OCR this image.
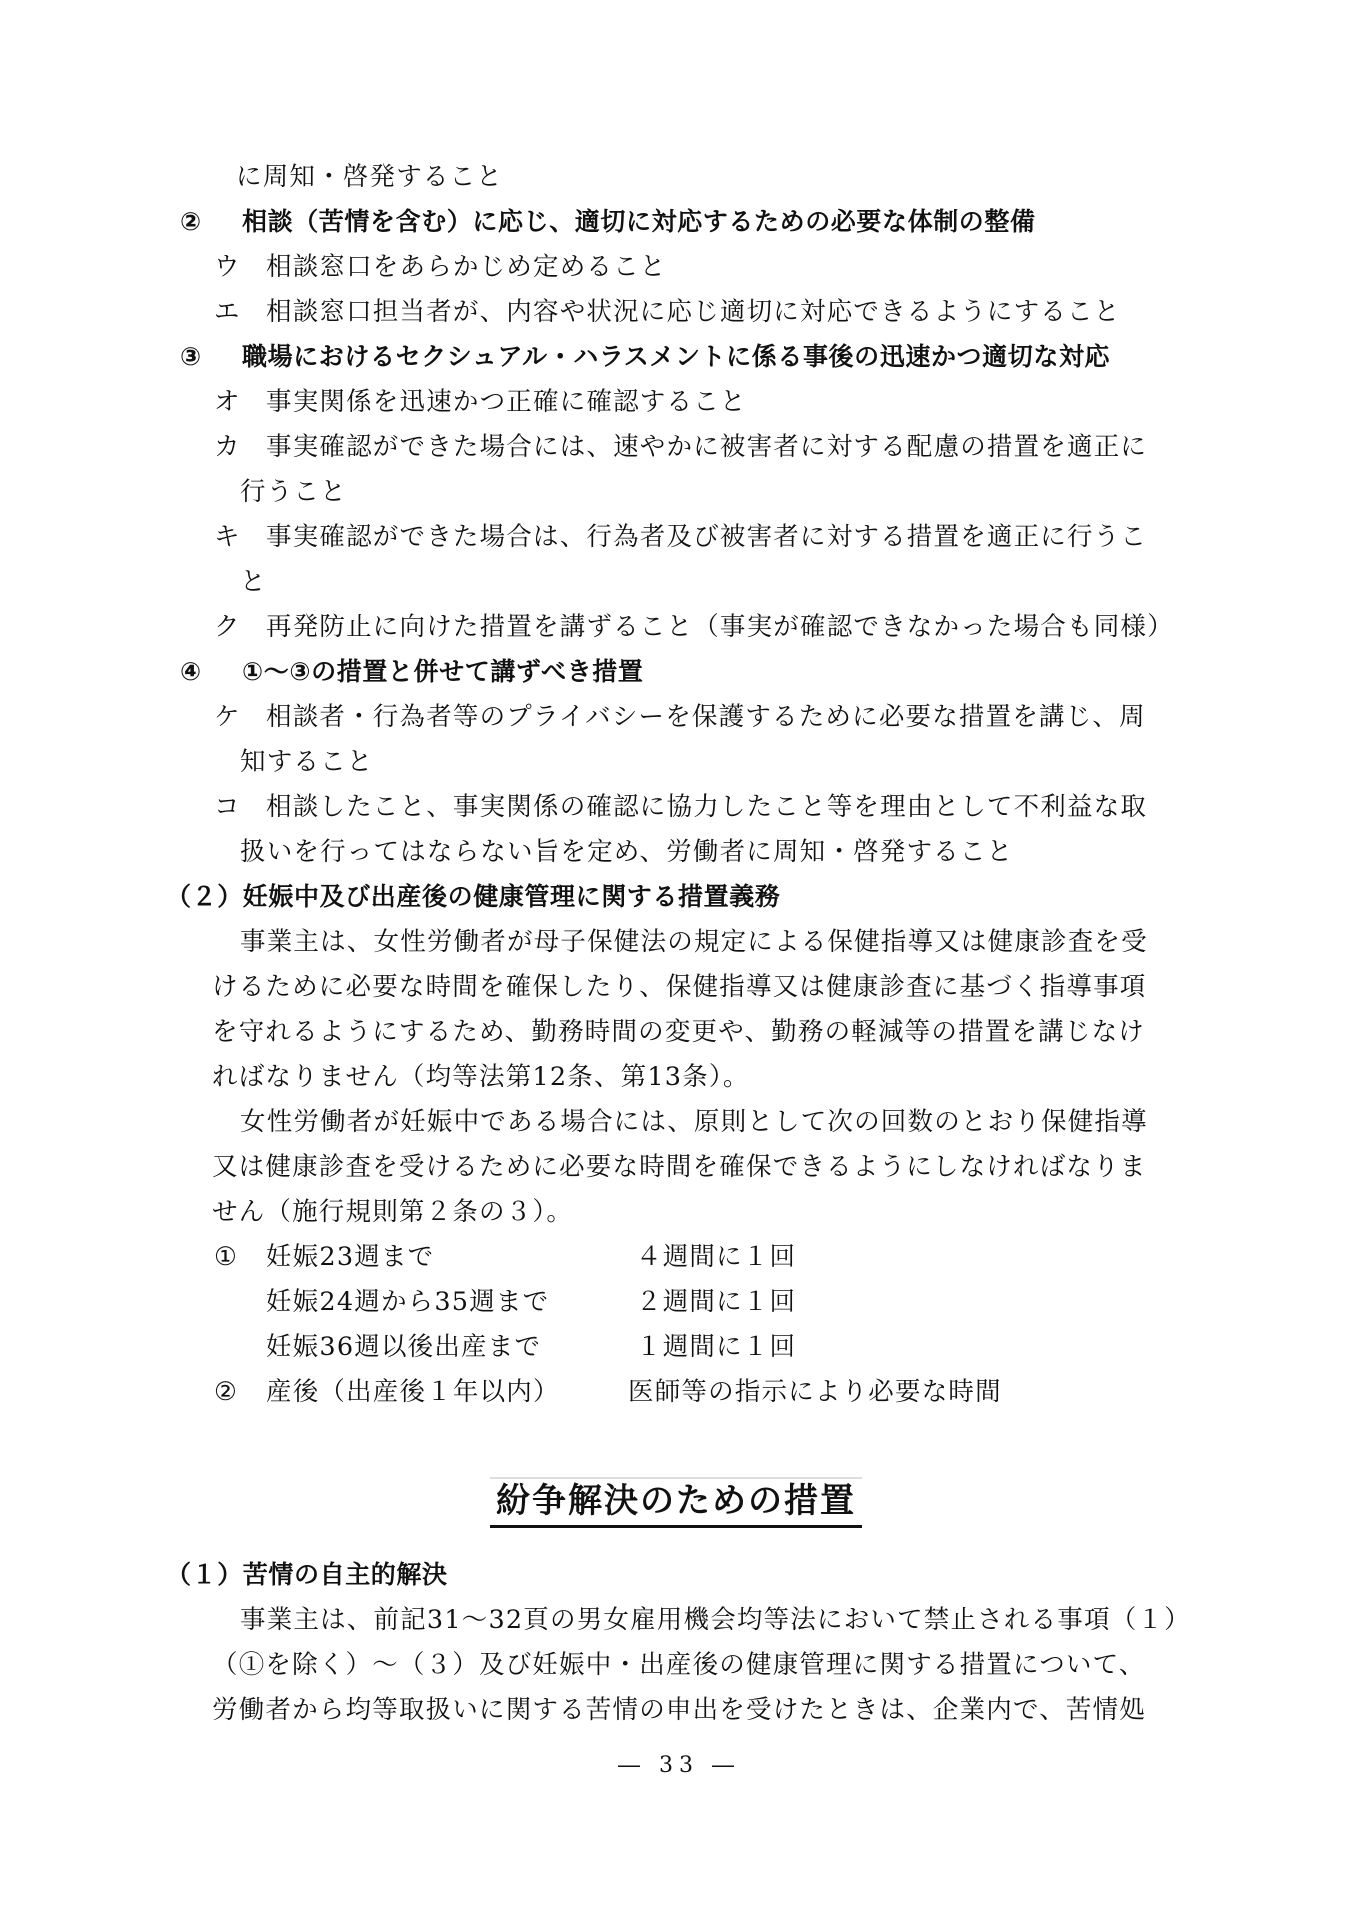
に周知・啓発すること
② 相談（苦情を含む）に応じ、適切に対応するための必要な体制の整備
ウ 相談窓口をあらかじめ定めること
エ 相談窓口担当者が、内容や状況に応じ適切に対応できるようにすること
③ 職場におけるセクシュアル・ハラスメントに係る事後の迅速かつ適切な対応
オ 事実関係を迅速かつ正確に確認すること
カ 事実確認ができた場合には、速やかに被害者に対する配慮の措置を適正に
行うこと
キ 事実確認ができた場合は、行為者及び被害者に対する措置を適正に行うこ
と
ク 再発防止に向けた措置を講ずること（事実が確認できなかった場合も同様）
④ ①〜③の措置と併せて講ずべき措置
ケ 相談者・行為者等のプライバシーを保護するために必要な措置を講じ、周
知すること
コ 相談したこと、事実関係の確認に協力したこと等を理由として不利益な取
扱いを行ってはならない旨を定め、労働者に周知・啓発すること
（２）妊娠中及び出産後の健康管理に関する措置義務
事業主は、女性労働者が母子保健法の規定による保健指導又は健康診査を受
けるために必要な時間を確保したり、保健指導又は健康診査に基づく指導事項
を守れるようにするため、勤務時間の変更や、勤務の軽減等の措置を講じなけ
ればなりません（均等法第12条、第13条）。
女性労働者が妊娠中である場合には、原則として次の回数のとおり保健指導
又は健康診査を受けるために必要な時間を確保できるようにしなければなりま
せん（施行規則第２条の３）。
① 妊娠23週まで	４週間に１回
妊娠24週から35週まで	２週間に１回
妊娠36週以後出産まで	１週間に１回
② 産後（出産後１年以内）	医師等の指示により必要な時間
紛争解決のための措置
（１）苦情の自主的解決
事業主は、前記31〜32頁の男女雇用機会均等法において禁止される事項（１）
（①を除く）〜（３）及び妊娠中・出産後の健康管理に関する措置について、
労働者から均等取扱いに関する苦情の申出を受けたときは、企業内で、苦情処
― 33 ―
